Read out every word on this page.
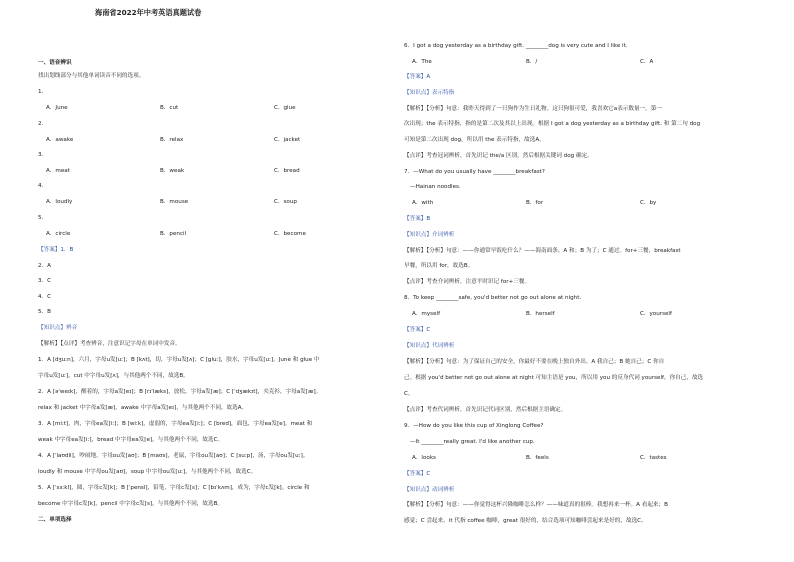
海南省2022年中考英语真题试卷
一、语音辨识
找出划线部分与其他单词读音不同的选项。
1．
A．June	B．cut	C．glue
2．
A．awake	B．relax	C．jacket
3．
A．meat	B．weak	C．bread
4．
A．loudly	B．mouse	C．soup
5．
A．circle	B．pencil	C．become
【答案】1．B
2．A
3．C
4．C
5．B
【知识点】辨音
【解析】【点评】考查辨音，注意识记字母在单词中发音。
1．A [dʒuːn]，六月，字母u发[uː]；B [kʌt]，切，字母u发[ʌ]；C [ɡluː]，胶水，字母u发[uː]。June 和 glue 中
字母u发[uː]，cut 中字母u发[ʌ]，与其他两个不同，故选B。
2．A [əˈweɪk]，醒着的，字母a发[eɪ]；B [rɪˈlæks]，放松，字母a发[æ]；C [ˈdʒækɪt]，夹克衫，字母a发[æ]。
relax 和 jacket 中字母a发[æ]，awake 中字母a发[eɪ]，与其他两个不同，故选A。
3．A [miːt]，肉，字母ea发[iː]；B [wiːk]，虚弱的，字母ea发[iː]；C [bred]，面包，字母ea发[e]。meat 和
weak 中字母ea发[iː]，bread 中字母ea发[e]，与其他两个不同，故选C。
4．A [ˈlaʊdli]，吵闹地，字母ou发[aʊ]；B [maʊs]，老鼠，字母ou发[aʊ]；C [suːp]，汤，字母ou发[uː]。
loudly 和 mouse 中字母ou发[aʊ]，soup 中字母ou发[uː]，与其他两个不同，故选C。
5．A [ˈsɜːkl]，圆，字母c发[k]；B [ˈpensl]，铅笔，字母c发[s]；C [bɪˈkʌm]，成为，字母c发[k]。circle 和
become 中字母c发[k]，pencil 中字母c发[s]，与其他两个不同，故选B。
二、单项选择
6．I got a dog yesterday as a birthday gift. ________dog is very cute and I like it.
A．The	B．/	C．A
【答案】A
【知识点】表示特指
【解析】【分析】句意：我昨天得到了一只狗作为生日礼物。这只狗很可爱，我喜欢它a表示数量一，第一
次出现；the 表示特指，指的是第二次及其以上出现。根据 I got a dog yesterday as a birthday gift. 和 第二句 dog
可知是第二次出现 dog，所以用 the 表示特指，故选A。
【点评】考查冠词辨析，首先识记 the/a 区别，然后根据关键词 dog 确定。
7．—What do you usually have ________breakfast?
—Hainan noodles.
A．with	B．for	C．by
【答案】B
【知识点】介词辨析
【解析】【分析】句意：——你通常早饭吃什么？——海南面条。A 和；B 为了；C 通过。for+三餐，breakfast
早餐，所以用 for，故选B。
【点评】考查介词辨析，注意平时识记 for+三餐。
8．To keep ________safe, you'd better not go out alone at night.
A．myself	B．herself	C．yourself
【答案】C
【知识点】代词辨析
【解析】【分析】句意：为了保证自己的安全，你最好不要在晚上独自外出。A 我自己；B 她自己；C 你自
己。根据 you'd better not go out alone at night 可知主语是 you，所以用 you 的反身代词 yourself，你自己，故选
C。
【点评】考查代词辨析，首先识记代词区别，然后根据主语确定。
9．—How do you like this cup of Xinglong Coffee?
—It ________really great. I'd like another cup.
A．looks	B．feels	C．tastes
【答案】C
【知识点】动词辨析
【解析】【分析】句意：——你觉得这杯兴隆咖啡怎么样？——味道真的很棒。我想再来一杯。A 看起来；B
感觉；C 尝起来。it 代指 coffee 咖啡，great 很好的，结合选项可知咖啡尝起来是好的，故选C。
